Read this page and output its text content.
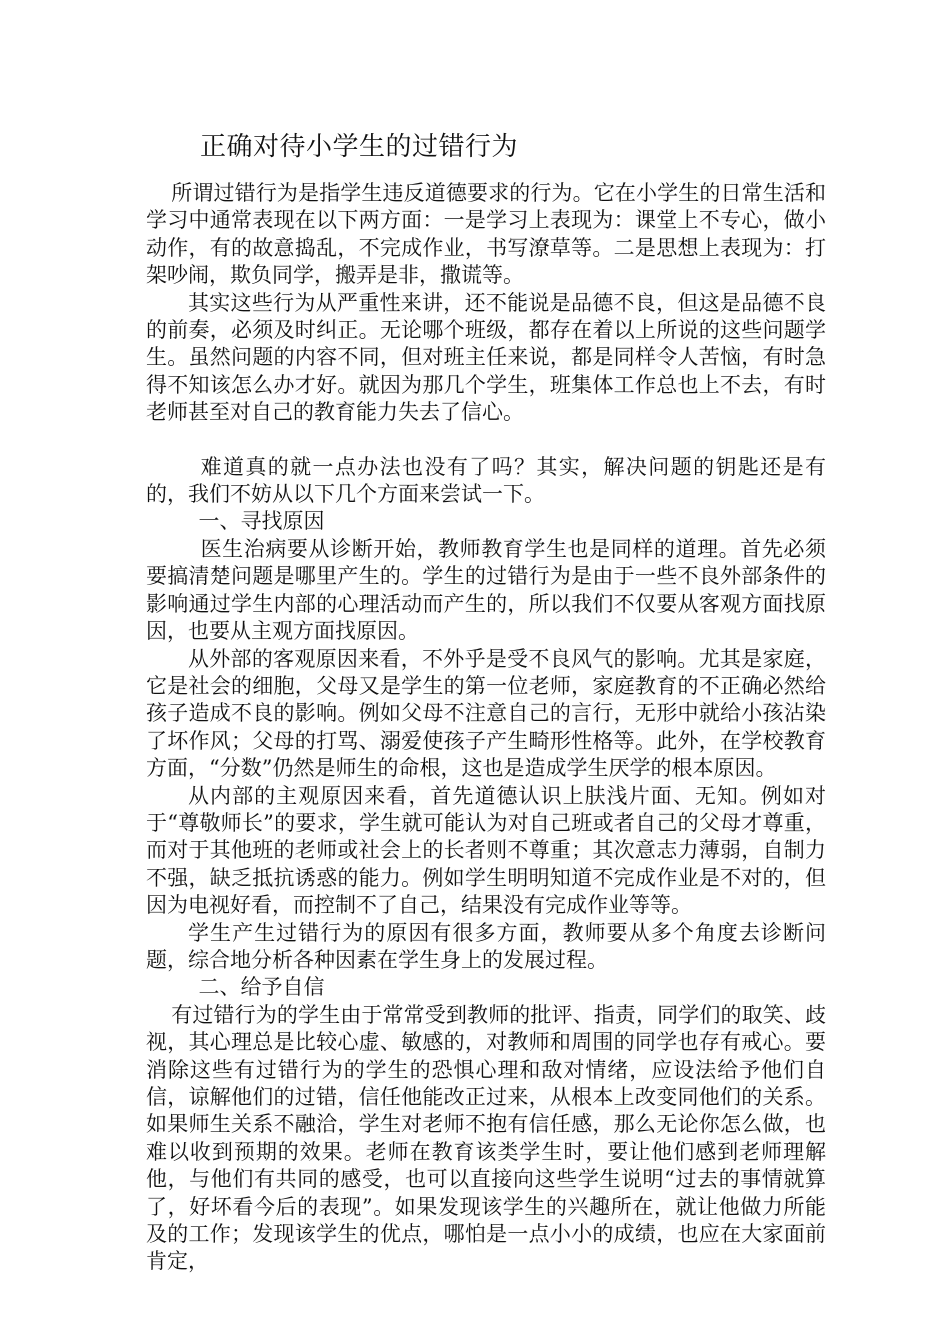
正确对待小学生的过错行为

所谓过错行为是指学生违反道德要求的行为。它在小学生的日常生活和学习中通常表现在以下两方面：一是学习上表现为：课堂上不专心，做小动作，有的故意捣乱，不完成作业，书写潦草等。二是思想上表现为：打架吵闹，欺负同学，搬弄是非，撒谎等。

其实这些行为从严重性来讲，还不能说是品德不良，但这是品德不良的前奏，必须及时纠正。无论哪个班级，都存在着以上所说的这些问题学生。虽然问题的内容不同，但对班主任来说，都是同样令人苦恼，有时急得不知该怎么办才好。就因为那几个学生，班集体工作总也上不去，有时老师甚至对自己的教育能力失去了信心。

难道真的就一点办法也没有了吗？其实，解决问题的钥匙还是有的，我们不妨从以下几个方面来尝试一下。

一、寻找原因

医生治病要从诊断开始，教师教育学生也是同样的道理。首先必须要搞清楚问题是哪里产生的。学生的过错行为是由于一些不良外部条件的影响通过学生内部的心理活动而产生的，所以我们不仅要从客观方面找原因，也要从主观方面找原因。

从外部的客观原因来看，不外乎是受不良风气的影响。尤其是家庭，它是社会的细胞，父母又是学生的第一位老师，家庭教育的不正确必然给孩子造成不良的影响。例如父母不注意自己的言行，无形中就给小孩沾染了坏作风；父母的打骂、溺爱使孩子产生畸形性格等。此外，在学校教育方面，“分数”仍然是师生的命根，这也是造成学生厌学的根本原因。

从内部的主观原因来看，首先道德认识上肤浅片面、无知。例如对于“尊敬师长”的要求，学生就可能认为对自己班或者自己的父母才尊重，而对于其他班的老师或社会上的长者则不尊重；其次意志力薄弱，自制力不强，缺乏抵抗诱惑的能力。例如学生明明知道不完成作业是不对的，但因为电视好看，而控制不了自己，结果没有完成作业等等。

学生产生过错行为的原因有很多方面，教师要从多个角度去诊断问题，综合地分析各种因素在学生身上的发展过程。

二、给予自信

有过错行为的学生由于常常受到教师的批评、指责，同学们的取笑、歧视，其心理总是比较心虚、敏感的，对教师和周围的同学也存有戒心。要消除这些有过错行为的学生的恐惧心理和敌对情绪，应设法给予他们自信，谅解他们的过错，信任他能改正过来，从根本上改变同他们的关系。如果师生关系不融洽，学生对老师不抱有信任感，那么无论你怎么做，也难以收到预期的效果。老师在教育该类学生时，要让他们感到老师理解他，与他们有共同的感受，也可以直接向这些学生说明“过去的事情就算了，好坏看今后的表现”。如果发现该学生的兴趣所在，就让他做力所能及的工作；发现该学生的优点，哪怕是一点小小的成绩，也应在大家面前肯定，
